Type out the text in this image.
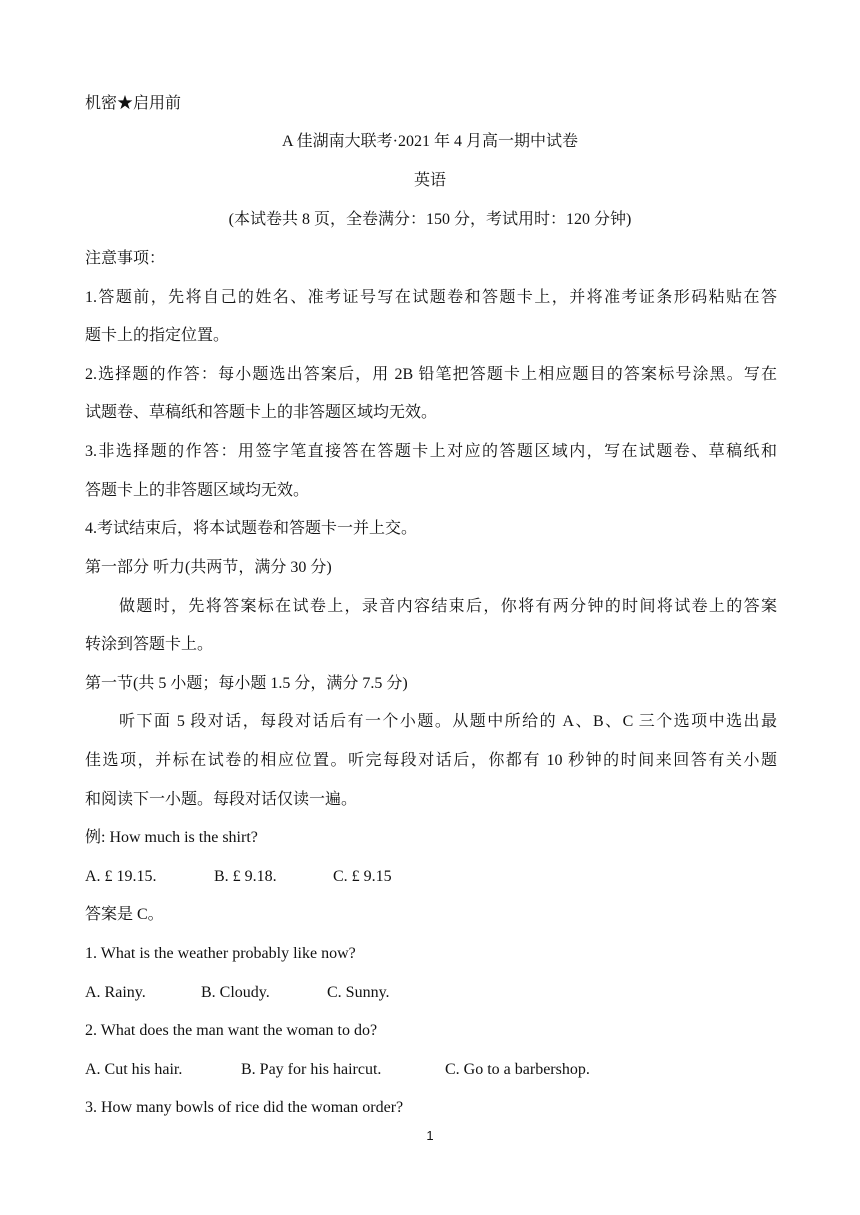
机密★启用前
A 佳湖南大联考·2021 年 4 月高一期中试卷
英语
(本试卷共 8 页，全卷满分：150 分，考试用时：120 分钟)
注意事项：
1.答题前，先将自己的姓名、准考证号写在试题卷和答题卡上，并将准考证条形码粘贴在答
题卡上的指定位置。
2.选择题的作答：每小题选出答案后，用 2B 铅笔把答题卡上相应题目的答案标号涂黑。写在
试题卷、草稿纸和答题卡上的非答题区域均无效。
3.非选择题的作答：用签字笔直接答在答题卡上对应的答题区域内，写在试题卷、草稿纸和
答题卡上的非答题区域均无效。
4.考试结束后，将本试题卷和答题卡一并上交。
第一部分 听力(共两节，满分 30 分)
做题时，先将答案标在试卷上，录音内容结束后，你将有两分钟的时间将试卷上的答案
转涂到答题卡上。
第一节(共 5 小题；每小题 1.5 分，满分 7.5 分)
听下面 5 段对话，每段对话后有一个小题。从题中所给的 A、B、C 三个选项中选出最
佳选项，并标在试卷的相应位置。听完每段对话后，你都有 10 秒钟的时间来回答有关小题
和阅读下一小题。每段对话仅读一遍。
例: How much is the shirt?
A. £ 19.15.	B. £ 9.18.	C. £ 9.15
答案是 C。
1. What is the weather probably like now?
A. Rainy.	B. Cloudy.	C. Sunny.
2. What does the man want the woman to do?
A. Cut his hair.	B. Pay for his haircut.	C. Go to a barbershop.
3. How many bowls of rice did the woman order?
1
